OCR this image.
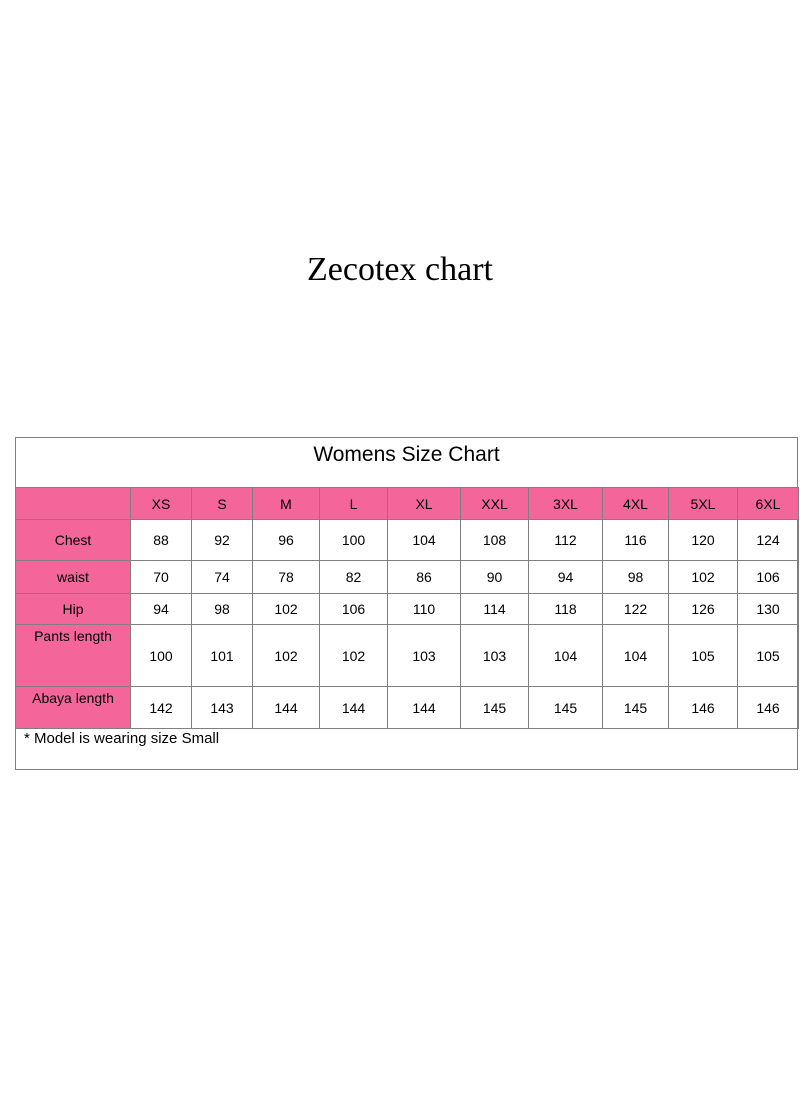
Zecotex chart
Womens Size Chart
	XS	S	M	L	XL	XXL	3XL	4XL	5XL	6XL
Chest	88	92	96	100	104	108	112	116	120	124
waist	70	74	78	82	86	90	94	98	102	106
Hip	94	98	102	106	110	114	118	122	126	130
Pants length	100	101	102	102	103	103	104	104	105	105
Abaya length	142	143	144	144	144	145	145	145	146	146
* Model is wearing size Small
